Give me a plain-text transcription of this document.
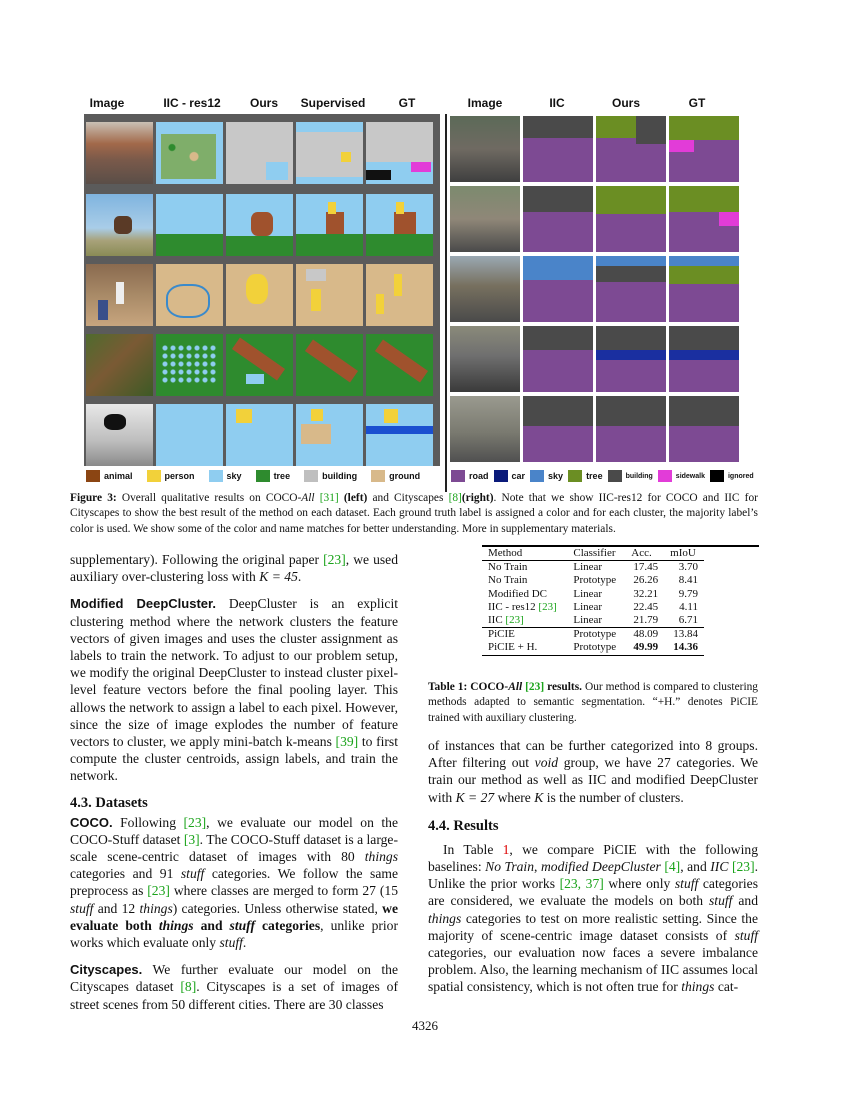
Image	IIC - res12	Ours	Supervised	GT	Image	IIC	Ours	GT
animal	person	sky	tree	building	ground	road	car	sky	tree	building	sidewalk	ignored
Figure 3: Overall qualitative results on COCO-All [31] (left) and Cityscapes [8](right). Note that we show IIC-res12 for COCO and IIC for Cityscapes to show the best result of the method on each dataset. Each ground truth label is assigned a color and for each cluster, the majority label’s color is used. We show some of the color and name matches for better understanding. More in supplementary materials.

supplementary). Following the original paper [23], we used auxiliary over-clustering loss with K = 45.

Modified DeepCluster. DeepCluster is an explicit clustering method where the network clusters the feature vectors of given images and uses the cluster assignment as labels to train the network. To adjust to our problem setup, we modify the original DeepCluster to instead cluster pixel-level feature vectors before the final pooling layer. This allows the network to assign a label to each pixel. However, since the size of image explodes the number of feature vectors to cluster, we apply mini-batch k-means [39] to first compute the cluster centroids, assign labels, and train the network.

4.3. Datasets

COCO. Following [23], we evaluate our model on the COCO-Stuff dataset [3]. The COCO-Stuff dataset is a large-scale scene-centric dataset of images with 80 things categories and 91 stuff categories. We follow the same preprocess as [23] where classes are merged to form 27 (15 stuff and 12 things) categories. Unless otherwise stated, we evaluate both things and stuff categories, unlike prior works which evaluate only stuff.

Cityscapes. We further evaluate our model on the Cityscapes dataset [8]. Cityscapes is a set of images of street scenes from 50 different cities. There are 30 classes

Method	Classifier	Acc.	mIoU
No Train	Linear	17.45	3.70
No Train	Prototype	26.26	8.41
Modified DC	Linear	32.21	9.79
IIC - res12 [23]	Linear	22.45	4.11
IIC [23]	Linear	21.79	6.71
PiCIE	Prototype	48.09	13.84
PiCIE + H.	Prototype	49.99	14.36
Table 1: COCO-All [23] results. Our method is compared to clustering methods adapted to semantic segmentation. “+H.” denotes PiCIE trained with auxiliary clustering.

of instances that can be further categorized into 8 groups. After filtering out void group, we have 27 categories. We train our method as well as IIC and modified DeepCluster with K = 27 where K is the number of clusters.

4.4. Results

In Table 1, we compare PiCIE with the following baselines: No Train, modified DeepCluster [4], and IIC [23]. Unlike the prior works [23, 37] where only stuff categories are considered, we evaluate the models on both stuff and things categories to test on more realistic setting. Since the majority of scene-centric image dataset consists of stuff categories, our evaluation now faces a severe imbalance problem. Also, the learning mechanism of IIC assumes local spatial consistency, which is not often true for things cat-

4326
